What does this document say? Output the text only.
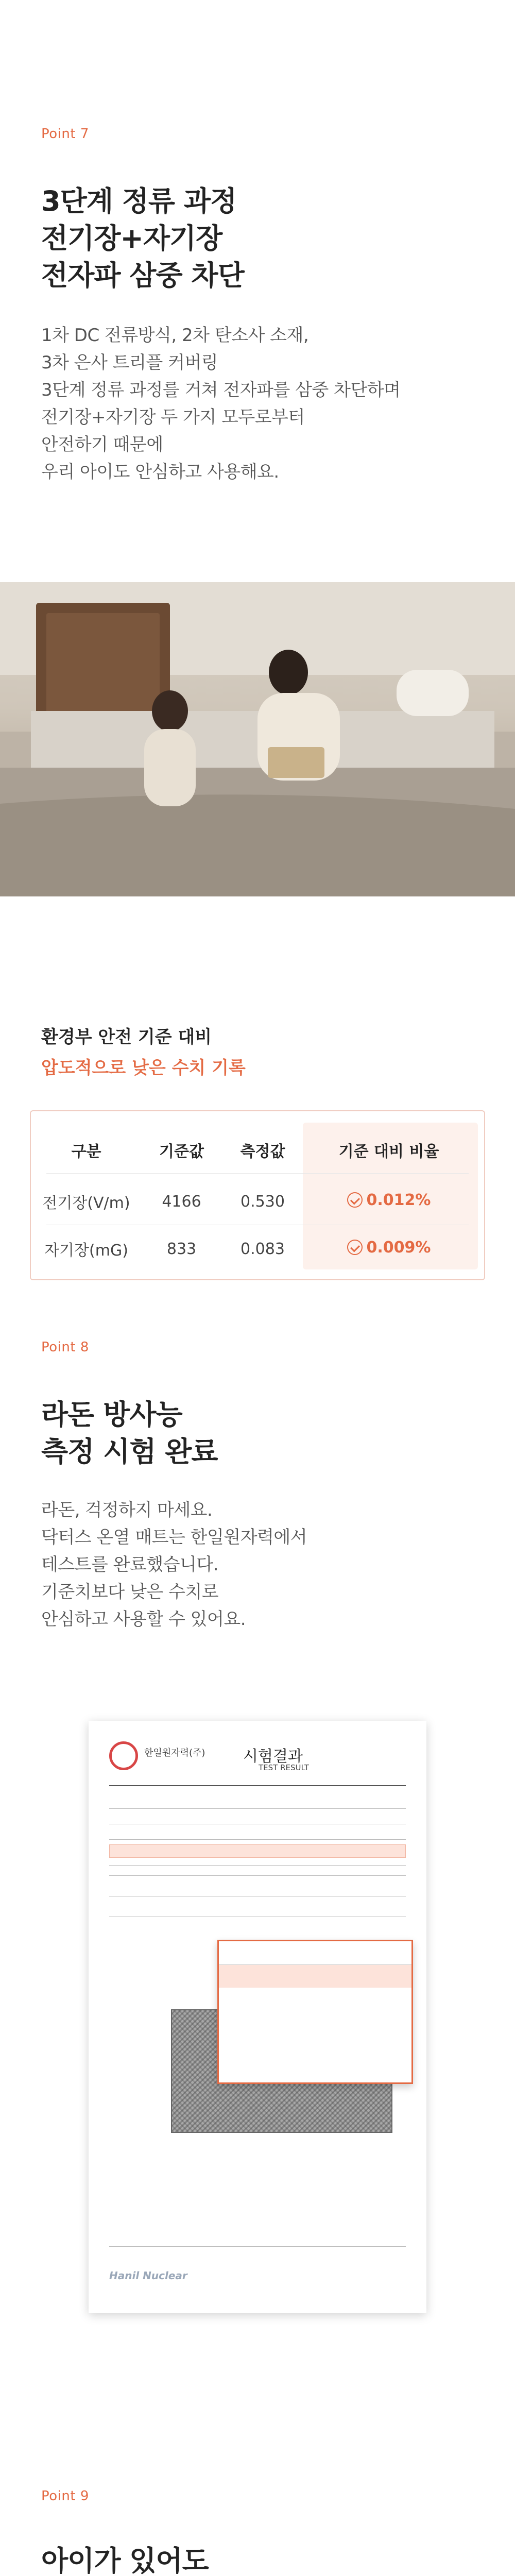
Point 7
3단계 정류 과정
전기장+자기장
전자파 삼중 차단
1차 DC 전류방식, 2차 탄소사 소재,
3차 은사 트리플 커버링
3단계 정류 과정를 거쳐 전자파를 삼중 차단하며
전기장+자기장 두 가지 모두로부터
안전하기 때문에
우리 아이도 안심하고 사용해요.
환경부 안전 기준 대비
압도적으로 낮은 수치 기록
구분	기준값	측정값	기준 대비 비율
전기장(V/m)	4166	0.530	0.012%
자기장(mG)	833	0.083	0.009%
Point 8
라돈 방사능
측정 시험 완료
라돈, 걱정하지 마세요.
닥터스 온열 매트는 한일원자력에서
테스트를 완료했습니다.
기준치보다 낮은 수치로
안심하고 사용할 수 있어요.
한일원자력(주) 시험결과
TEST RESULT
Hanil Nuclear
Point 9
아이가 있어도
